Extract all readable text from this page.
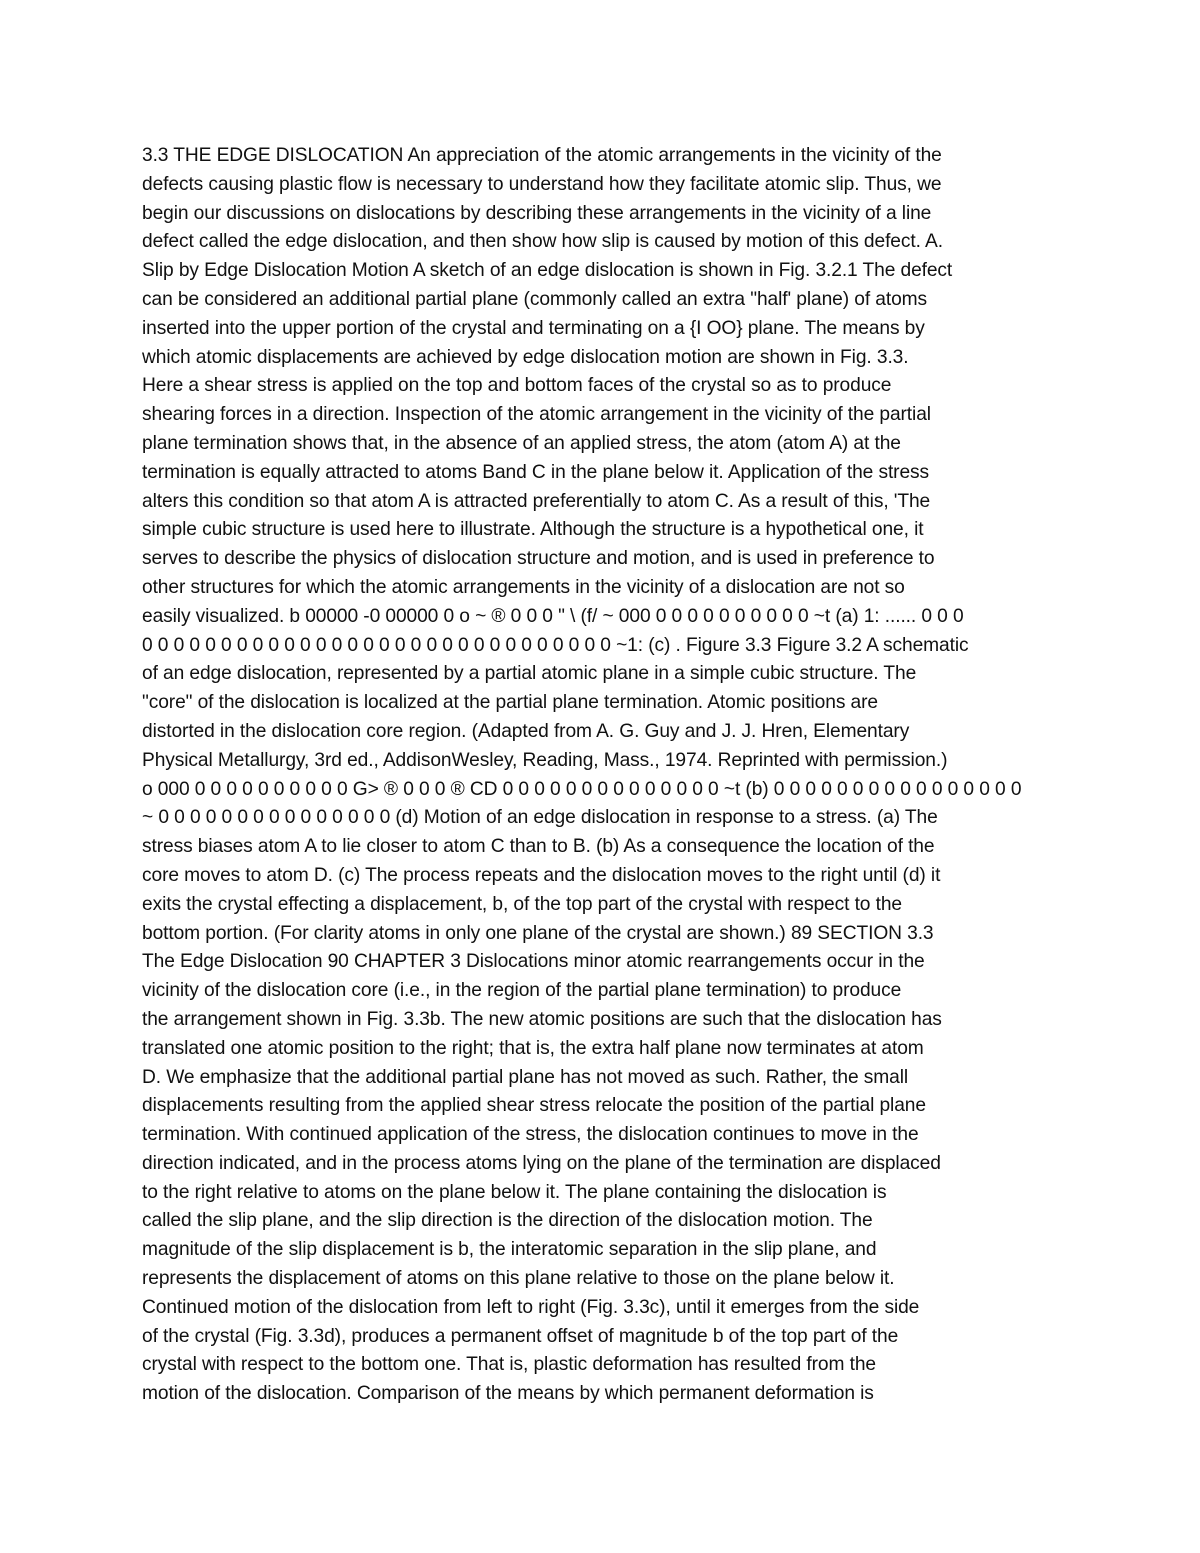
3.3 THE EDGE DISLOCATION An appreciation of the atomic arrangements in the vicinity of the
defects causing plastic flow is necessary to understand how they facilitate atomic slip. Thus, we
begin our discussions on dislocations by describing these arrangements in the vicinity of a line
defect called the edge dislocation, and then show how slip is caused by motion of this defect. A.
Slip by Edge Dislocation Motion A sketch of an edge dislocation is shown in Fig. 3.2.1 The defect
can be considered an additional partial plane (commonly called an extra "half' plane) of atoms
inserted into the upper portion of the crystal and terminating on a {I OO} plane. The means by
which atomic displacements are achieved by edge dislocation motion are shown in Fig. 3.3.
Here a shear stress is applied on the top and bottom faces of the crystal so as to produce
shearing forces in a direction. Inspection of the atomic arrangement in the vicinity of the partial
plane termination shows that, in the absence of an applied stress, the atom (atom A) at the
termination is equally attracted to atoms Band C in the plane below it. Application of the stress
alters this condition so that atom A is attracted preferentially to atom C. As a result of this, 'The
simple cubic structure is used here to illustrate. Although the structure is a hypothetical one, it
serves to describe the physics of dislocation structure and motion, and is used in preference to
other structures for which the atomic arrangements in the vicinity of a dislocation are not so
easily visualized. b 00000 -0 00000 0 o ~ ® 0 0 0 " \ (f/ ~ 000 0 0 0 0 0 0 0 0 0 0 ~t (a) 1: ...... 0 0 0
0 0 0 0 0 0 0 0 0 0 0 0 0 0 0 0 0 0 0 0 0 0 0 0 0 0 0 0 0 0 ~1: (c) . Figure 3.3 Figure 3.2 A schematic
of an edge dislocation, represented by a partial atomic plane in a simple cubic structure. The
"core" of the dislocation is localized at the partial plane termination. Atomic positions are
distorted in the dislocation core region. (Adapted from A. G. Guy and J. J. Hren, Elementary
Physical Metallurgy, 3rd ed., AddisonWesley, Reading, Mass., 1974. Reprinted with permission.)
o 000 0 0 0 0 0 0 0 0 0 0 G> ® 0 0 0 ® CD 0 0 0 0 0 0 0 0 0 0 0 0 0 0 ~t (b) 0 0 0 0 0 0 0 0 0 0 0 0 0 0 0 0
~ 0 0 0 0 0 0 0 0 0 0 0 0 0 0 0 (d) Motion of an edge dislocation in response to a stress. (a) The
stress biases atom A to lie closer to atom C than to B. (b) As a consequence the location of the
core moves to atom D. (c) The process repeats and the dislocation moves to the right until (d) it
exits the crystal effecting a displacement, b, of the top part of the crystal with respect to the
bottom portion. (For clarity atoms in only one plane of the crystal are shown.) 89 SECTION 3.3
The Edge Dislocation 90 CHAPTER 3 Dislocations minor atomic rearrangements occur in the
vicinity of the dislocation core (i.e., in the region of the partial plane termination) to produce
the arrangement shown in Fig. 3.3b. The new atomic positions are such that the dislocation has
translated one atomic position to the right; that is, the extra half plane now terminates at atom
D. We emphasize that the additional partial plane has not moved as such. Rather, the small
displacements resulting from the applied shear stress relocate the position of the partial plane
termination. With continued application of the stress, the dislocation continues to move in the
direction indicated, and in the process atoms lying on the plane of the termination are displaced
to the right relative to atoms on the plane below it. The plane containing the dislocation is
called the slip plane, and the slip direction is the direction of the dislocation motion. The
magnitude of the slip displacement is b, the interatomic separation in the slip plane, and
represents the displacement of atoms on this plane relative to those on the plane below it.
Continued motion of the dislocation from left to right (Fig. 3.3c), until it emerges from the side
of the crystal (Fig. 3.3d), produces a permanent offset of magnitude b of the top part of the
crystal with respect to the bottom one. That is, plastic deformation has resulted from the
motion of the dislocation. Comparison of the means by which permanent deformation is
